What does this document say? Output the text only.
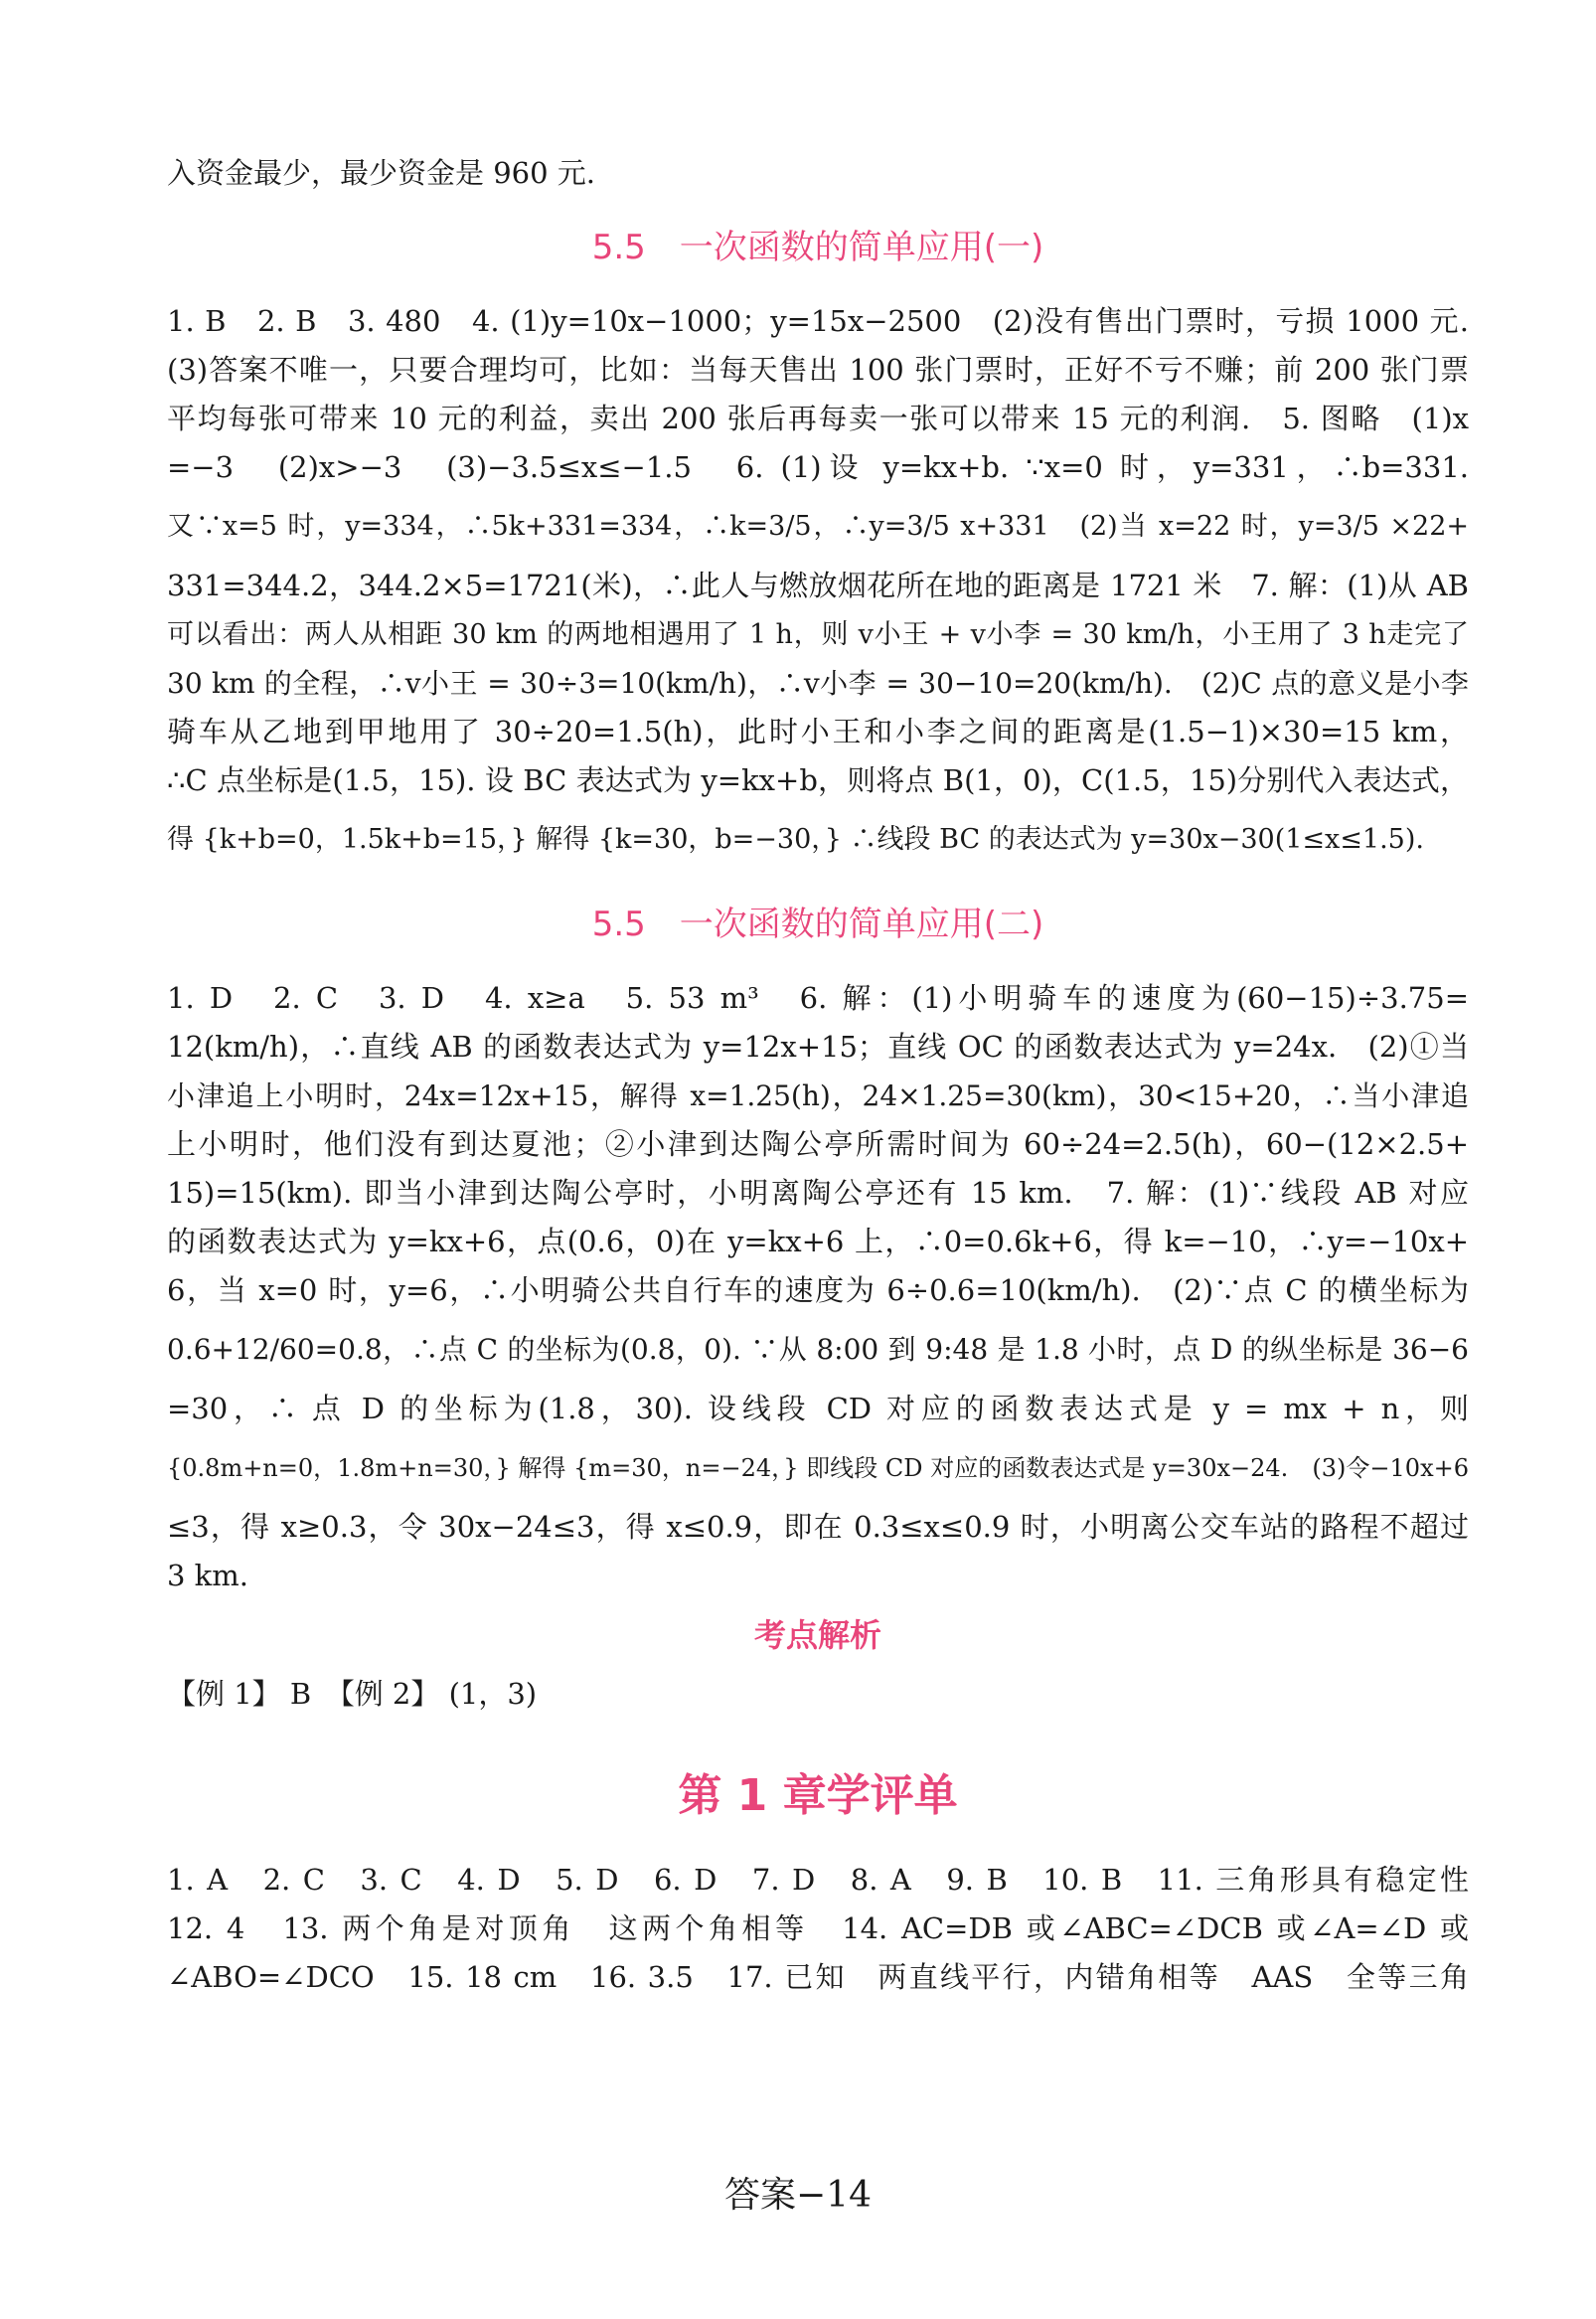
入资金最少，最少资金是 960 元.
5.5　一次函数的简单应用(一)
1. B　2. B　3. 480　4. (1)y=10x−1000；y=15x−2500　(2)没有售出门票时，亏损 1000 元.
(3)答案不唯一，只要合理均可，比如：当每天售出 100 张门票时，正好不亏不赚；前 200 张门票
平均每张可带来 10 元的利益，卖出 200 张后再每卖一张可以带来 15 元的利润.　5. 图略　(1)x
=−3　(2)x>−3　(3)−3.5≤x≤−1.5　6. (1)设 y=kx+b. ∵x=0 时，y=331，∴b=331.
又∵x=5 时，y=334，∴5k+331=334，∴k=3/5，∴y=3/5 x+331　(2)当 x=22 时，y=3/5 ×22+
331=344.2，344.2×5=1721(米)，∴此人与燃放烟花所在地的距离是 1721 米　7. 解：(1)从 AB
可以看出：两人从相距 30 km 的两地相遇用了 1 h，则 v小王 + v小李 = 30 km/h，小王用了 3 h走完了
30 km 的全程，∴v小王 = 30÷3=10(km/h)，∴v小李 = 30−10=20(km/h).　(2)C 点的意义是小李
骑车从乙地到甲地用了 30÷20=1.5(h)，此时小王和小李之间的距离是(1.5−1)×30=15 km，
∴C 点坐标是(1.5，15). 设 BC 表达式为 y=kx+b，则将点 B(1，0)，C(1.5，15)分别代入表达式，
得 {k+b=0，1.5k+b=15，} 解得 {k=30，b=−30，} ∴线段 BC 的表达式为 y=30x−30(1≤x≤1.5).
5.5　一次函数的简单应用(二)
1. D　2. C　3. D　4. x≥a　5. 53 m³　6. 解：(1)小明骑车的速度为(60−15)÷3.75=
12(km/h)，∴直线 AB 的函数表达式为 y=12x+15；直线 OC 的函数表达式为 y=24x.　(2)①当
小津追上小明时，24x=12x+15，解得 x=1.25(h)，24×1.25=30(km)，30<15+20，∴当小津追
上小明时，他们没有到达夏池；②小津到达陶公亭所需时间为 60÷24=2.5(h)，60−(12×2.5+
15)=15(km). 即当小津到达陶公亭时，小明离陶公亭还有 15 km.　7. 解：(1)∵线段 AB 对应
的函数表达式为 y=kx+6，点(0.6，0)在 y=kx+6 上，∴0=0.6k+6，得 k=−10，∴y=−10x+
6，当 x=0 时，y=6，∴小明骑公共自行车的速度为 6÷0.6=10(km/h).　(2)∵点 C 的横坐标为
0.6+12/60=0.8，∴点 C 的坐标为(0.8，0). ∵从 8:00 到 9:48 是 1.8 小时，点 D 的纵坐标是 36−6
=30，∴ 点 D 的坐标为(1.8，30). 设线段 CD 对应的函数表达式是 y = mx + n，则
{0.8m+n=0，1.8m+n=30，} 解得 {m=30，n=−24，} 即线段 CD 对应的函数表达式是 y=30x−24.　(3)令−10x+6
≤3，得 x≥0.3，令 30x−24≤3，得 x≤0.9，即在 0.3≤x≤0.9 时，小明离公交车站的路程不超过
3 km.
考点解析
【例 1】 B　【例 2】 (1，3)
第 1 章学评单
1. A　2. C　3. C　4. D　5. D　6. D　7. D　8. A　9. B　10. B　11. 三角形具有稳定性
12. 4　13. 两个角是对顶角　这两个角相等　14. AC=DB 或∠ABC=∠DCB 或∠A=∠D 或
∠ABO=∠DCO　15. 18 cm　16. 3.5　17. 已知　两直线平行，内错角相等　AAS　全等三角
答案−14
